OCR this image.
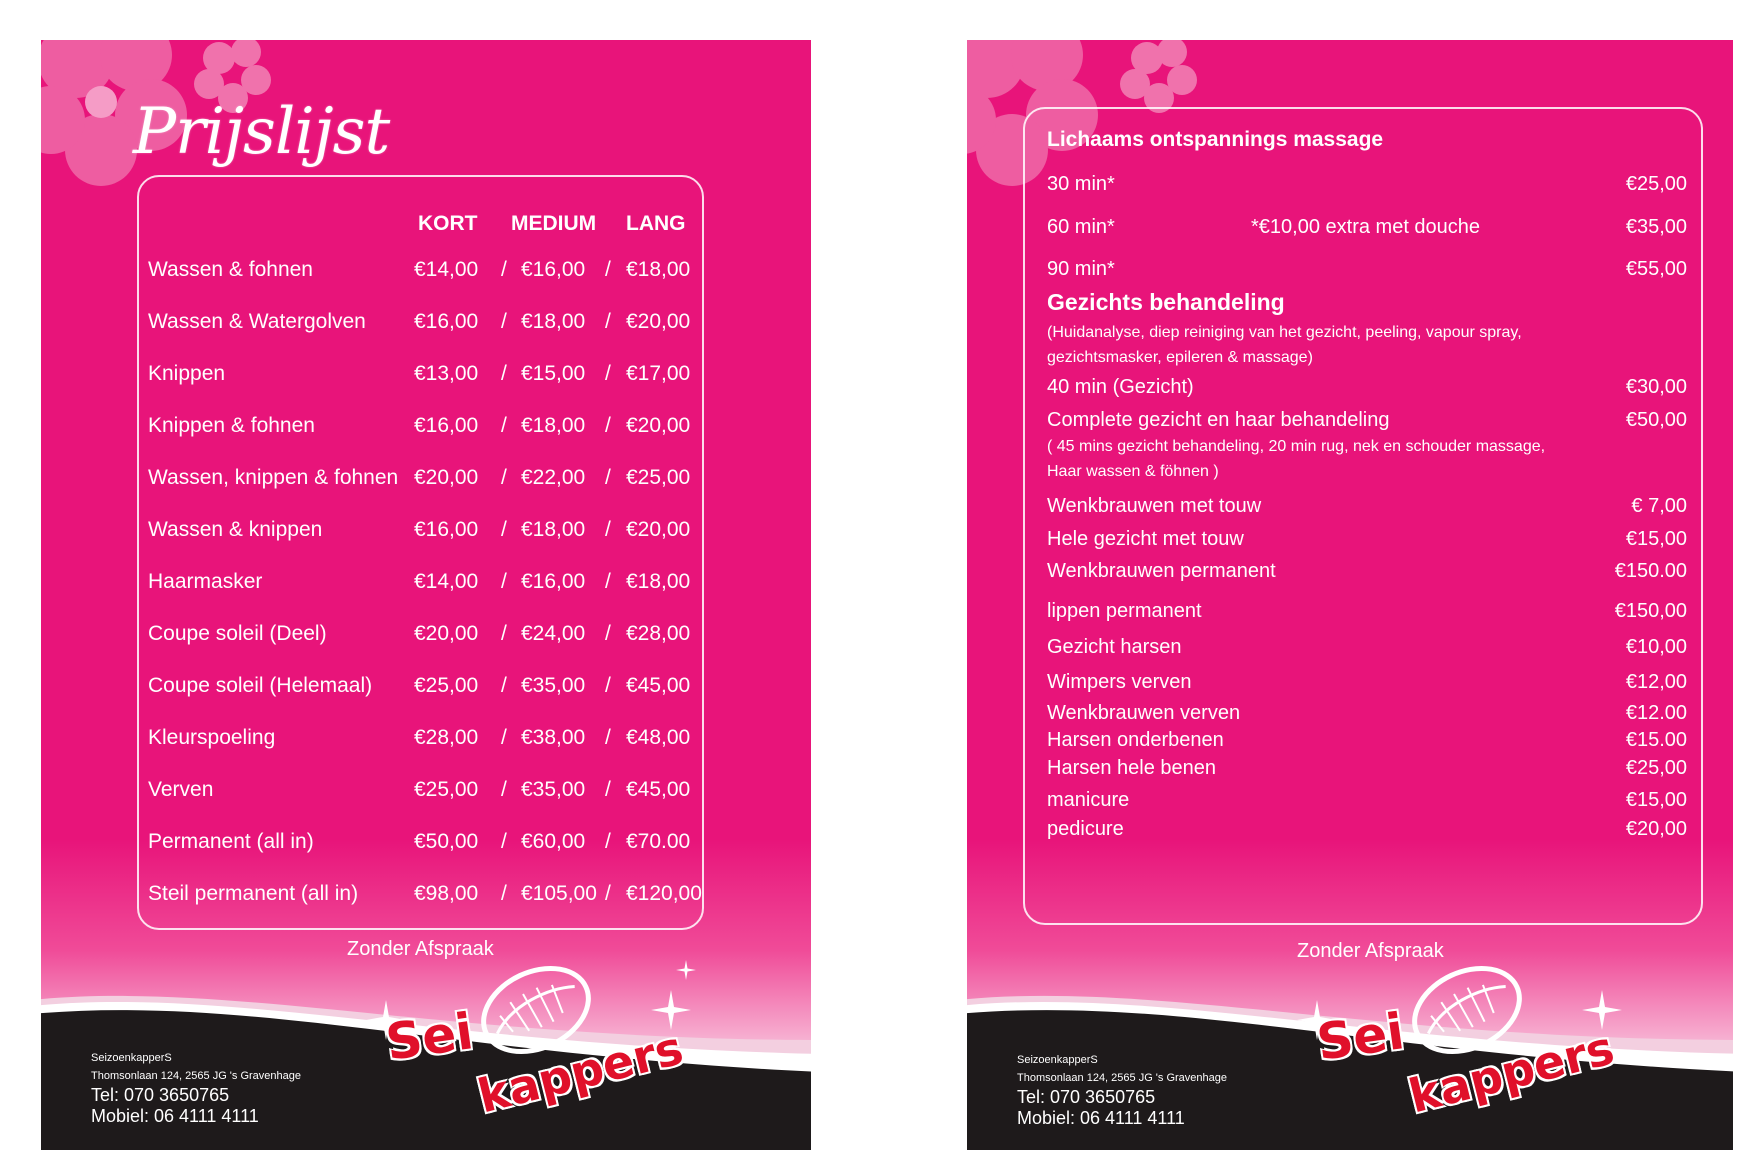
Prijslijst
KORT MEDIUM LANG
Wassen & fohnen	€14,00 / €16,00 / €18,00
Wassen & Watergolven €16,00 / €18,00 / €20,00
Knippen	€13,00 / €15,00 / €17,00
Knippen & fohnen	€16,00 / €18,00 / €20,00
Wassen, knippen & fohnen €20,00 / €22,00 / €25,00
Wassen & knippen	€16,00 / €18,00 / €20,00
Haarmasker	€14,00 / €16,00 / €18,00
Coupe soleil (Deel)	€20,00 / €24,00 / €28,00
Coupe soleil (Helemaal) €25,00 / €35,00 / €45,00
Kleurspoeling	€28,00 / €38,00 / €48,00
Verven	€25,00 / €35,00 / €45,00
Permanent (all in)	€50,00 / €60,00 / €70.00
Steil permanent (all in)	€98,00 / €105,00 / €120,00
Zonder Afspraak
SeizoenkapperS
Thomsonlaan 124, 2565 JG 's Gravenhage
Tel: 070 3650765
Mobiel: 06 4111 4111
Sei
kappers
Lichaams ontspannings massage
30 min*	€25,00
60 min*	*€10,00 extra met douche	€35,00
90 min*	€55,00
Gezichts behandeling
(Huidanalyse, diep reiniging van het gezicht, peeling, vapour spray,
gezichtsmasker, epileren & massage)
40 min (Gezicht)	€30,00
Complete gezicht en haar behandeling	€50,00
( 45 mins gezicht behandeling, 20 min rug, nek en schouder massage,
Haar wassen & föhnen )
Wenkbrauwen met touw	€ 7,00
Hele gezicht met touw	€15,00
Wenkbrauwen permanent	€150.00
lippen permanent	€150,00
Gezicht harsen	€10,00
Wimpers verven	€12,00
Wenkbrauwen verven	€12.00
Harsen onderbenen	€15.00
Harsen hele benen	€25,00
manicure	€15,00
pedicure	€20,00
Zonder Afspraak
SeizoenkapperS
Thomsonlaan 124, 2565 JG 's Gravenhage
Tel: 070 3650765
Mobiel: 06 4111 4111
Sei
kappers
